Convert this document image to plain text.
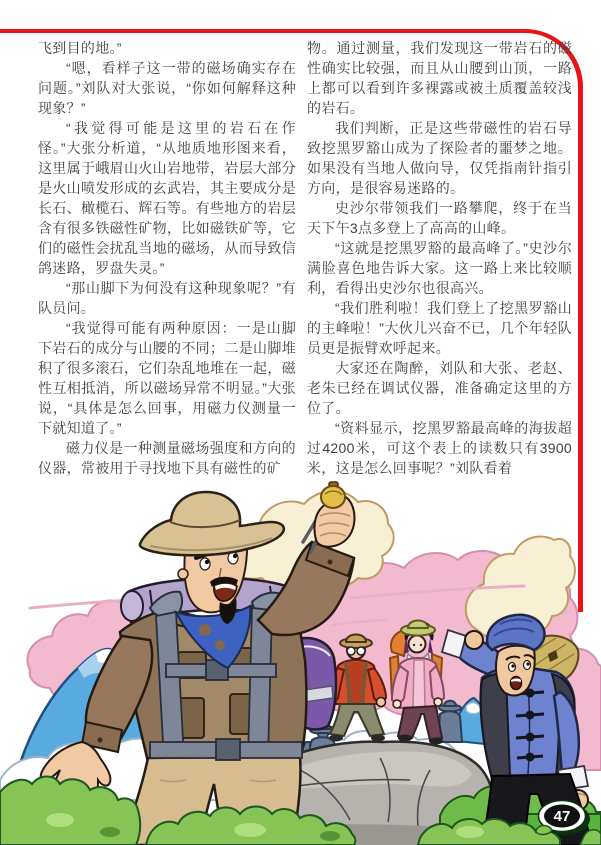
飞到目的地。”

“嗯，看样子这一带的磁场确实存在问题。”刘队对大张说，“你如何解释这种现象？”

“我觉得可能是这里的岩石在作怪。”大张分析道，“从地质地形图来看，这里属于峨眉山火山岩地带，岩层大部分是火山喷发形成的玄武岩，其主要成分是长石、橄榄石、辉石等。有些地方的岩层含有很多铁磁性矿物，比如磁铁矿等，它们的磁性会扰乱当地的磁场，从而导致信鸽迷路，罗盘失灵。”

“那山脚下为何没有这种现象呢？”有队员问。

“我觉得可能有两种原因：一是山脚下岩石的成分与山腰的不同；二是山脚堆积了很多滚石，它们杂乱地堆在一起，磁性互相抵消，所以磁场异常不明显。”大张说，“具体是怎么回事，用磁力仪测量一下就知道了。”

磁力仪是一种测量磁场强度和方向的仪器，常被用于寻找地下具有磁性的矿

物。通过测量，我们发现这一带岩石的磁性确实比较强，而且从山腰到山顶，一路上都可以看到许多裸露或被土质覆盖较浅的岩石。

我们判断，正是这些带磁性的岩石导致挖黑罗豁山成为了探险者的噩梦之地。如果没有当地人做向导，仅凭指南针指引方向，是很容易迷路的。

史沙尔带领我们一路攀爬，终于在当天下午3点多登上了高高的山峰。

“这就是挖黑罗豁的最高峰了。”史沙尔满脸喜色地告诉大家。这一路上来比较顺利，看得出史沙尔也很高兴。

“我们胜利啦！我们登上了挖黑罗豁山的主峰啦！”大伙儿兴奋不已，几个年轻队员更是振臂欢呼起来。

大家还在陶醉，刘队和大张、老赵、老朱已经在调试仪器，准备确定这里的方位了。

“资料显示，挖黑罗豁最高峰的海拔超过4200米，可这个表上的读数只有3900米，这是怎么回事呢？”刘队看着

47
